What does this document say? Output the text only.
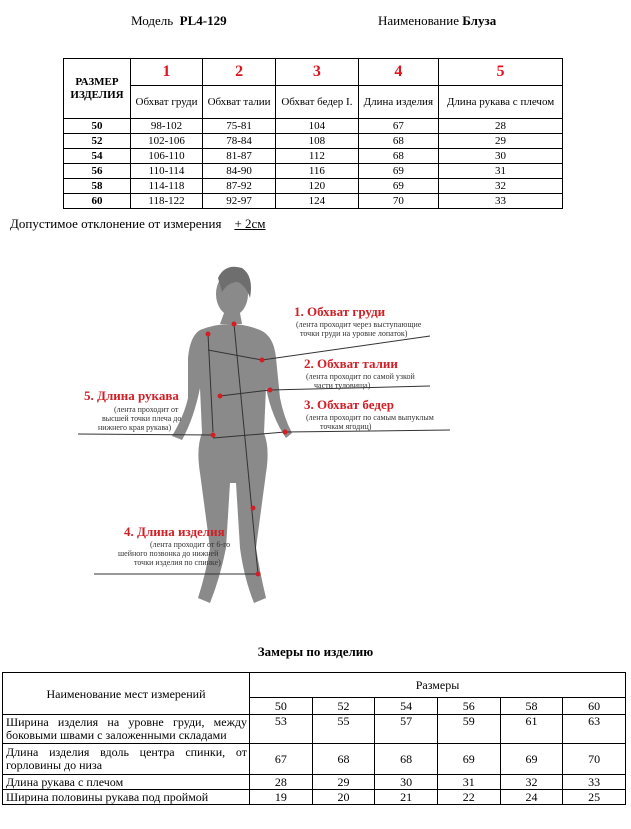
Модель PL4-129	Наименование Блуза
РАЗМЕР ИЗДЕЛИЯ	1	2	3	4	5
	Обхват груди	Обхват талии	Обхват бедер I.	Длина изделия	Длина рукава с плечом
50	98-102	75-81	104	67	28
52	102-106	78-84	108	68	29
54	106-110	81-87	112	68	30
56	110-114	84-90	116	69	31
58	114-118	87-92	120	69	32
60	118-122	92-97	124	70	33
Допустимое отклонение от измерения + 2см
1. Обхват груди
(лента проходит через выступающие
точки груди на уровне лопаток)
2. Обхват талии
(лента проходит по самой узкой
части туловища)
3. Обхват бедер
(лента проходит по самым выпуклым
точкам ягодиц)
4. Длина изделия
(лента проходит от 6-го
шейного позвонка до нижней
точки изделия по спинке)
5. Длина рукава
(лента проходит от
высшей точки плеча до
нижнего края рукава)
Замеры по изделию
Наименование мест измерений	Размеры					
	50	52	54	56	58	60
Ширина изделия на уровне груди, между боковыми швами с заложенными складами	53	55	57	59	61	63
Длина изделия вдоль центра спинки, от горловины до низа	67	68	68	69	69	70
Длина рукава с плечом	28	29	30	31	32	33
Ширина половины рукава под проймой	19	20	21	22	24	25
